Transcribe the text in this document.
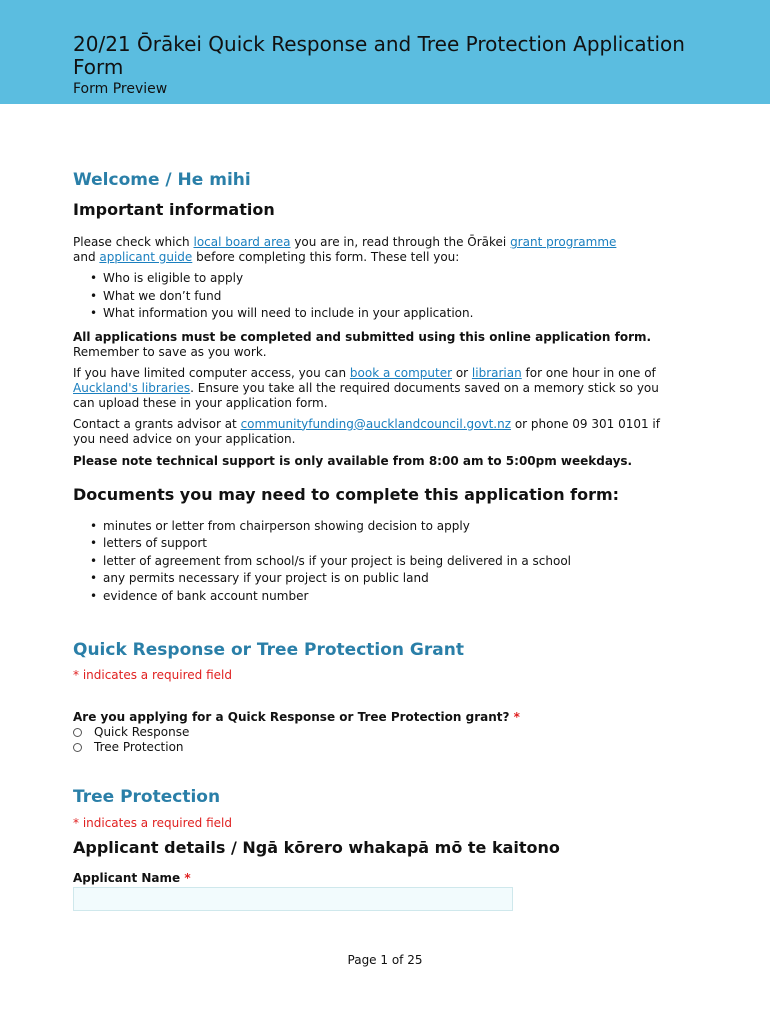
20/21 Ōrākei Quick Response and Tree Protection Application Form
Form Preview
Welcome / He mihi
Important information

Please check which local board area you are in, read through the Ōrākei grant programme
and applicant guide before completing this form. These tell you:

• Who is eligible to apply
• What we don’t fund
• What information you will need to include in your application.

All applications must be completed and submitted using this online application form. Remember to save as you work.

If you have limited computer access, you can book a computer or librarian for one hour in one of Auckland's libraries. Ensure you take all the required documents saved on a memory stick so you can upload these in your application form.

Contact a grants advisor at communityfunding@aucklandcouncil.govt.nz or phone 09 301 0101 if you need advice on your application.

Please note technical support is only available from 8:00 am to 5:00pm weekdays.

Documents you may need to complete this application form:
• minutes or letter from chairperson showing decision to apply
• letters of support
• letter of agreement from school/s if your project is being delivered in a school
• any permits necessary if your project is on public land
• evidence of bank account number
Quick Response or Tree Protection Grant

* indicates a required field

Are you applying for a Quick Response or Tree Protection grant? *

Quick Response
Tree Protection
Tree Protection

* indicates a required field

Applicant details / Ngā kōrero whakapā mō te kaitono

Applicant Name *

Page 1 of 25
